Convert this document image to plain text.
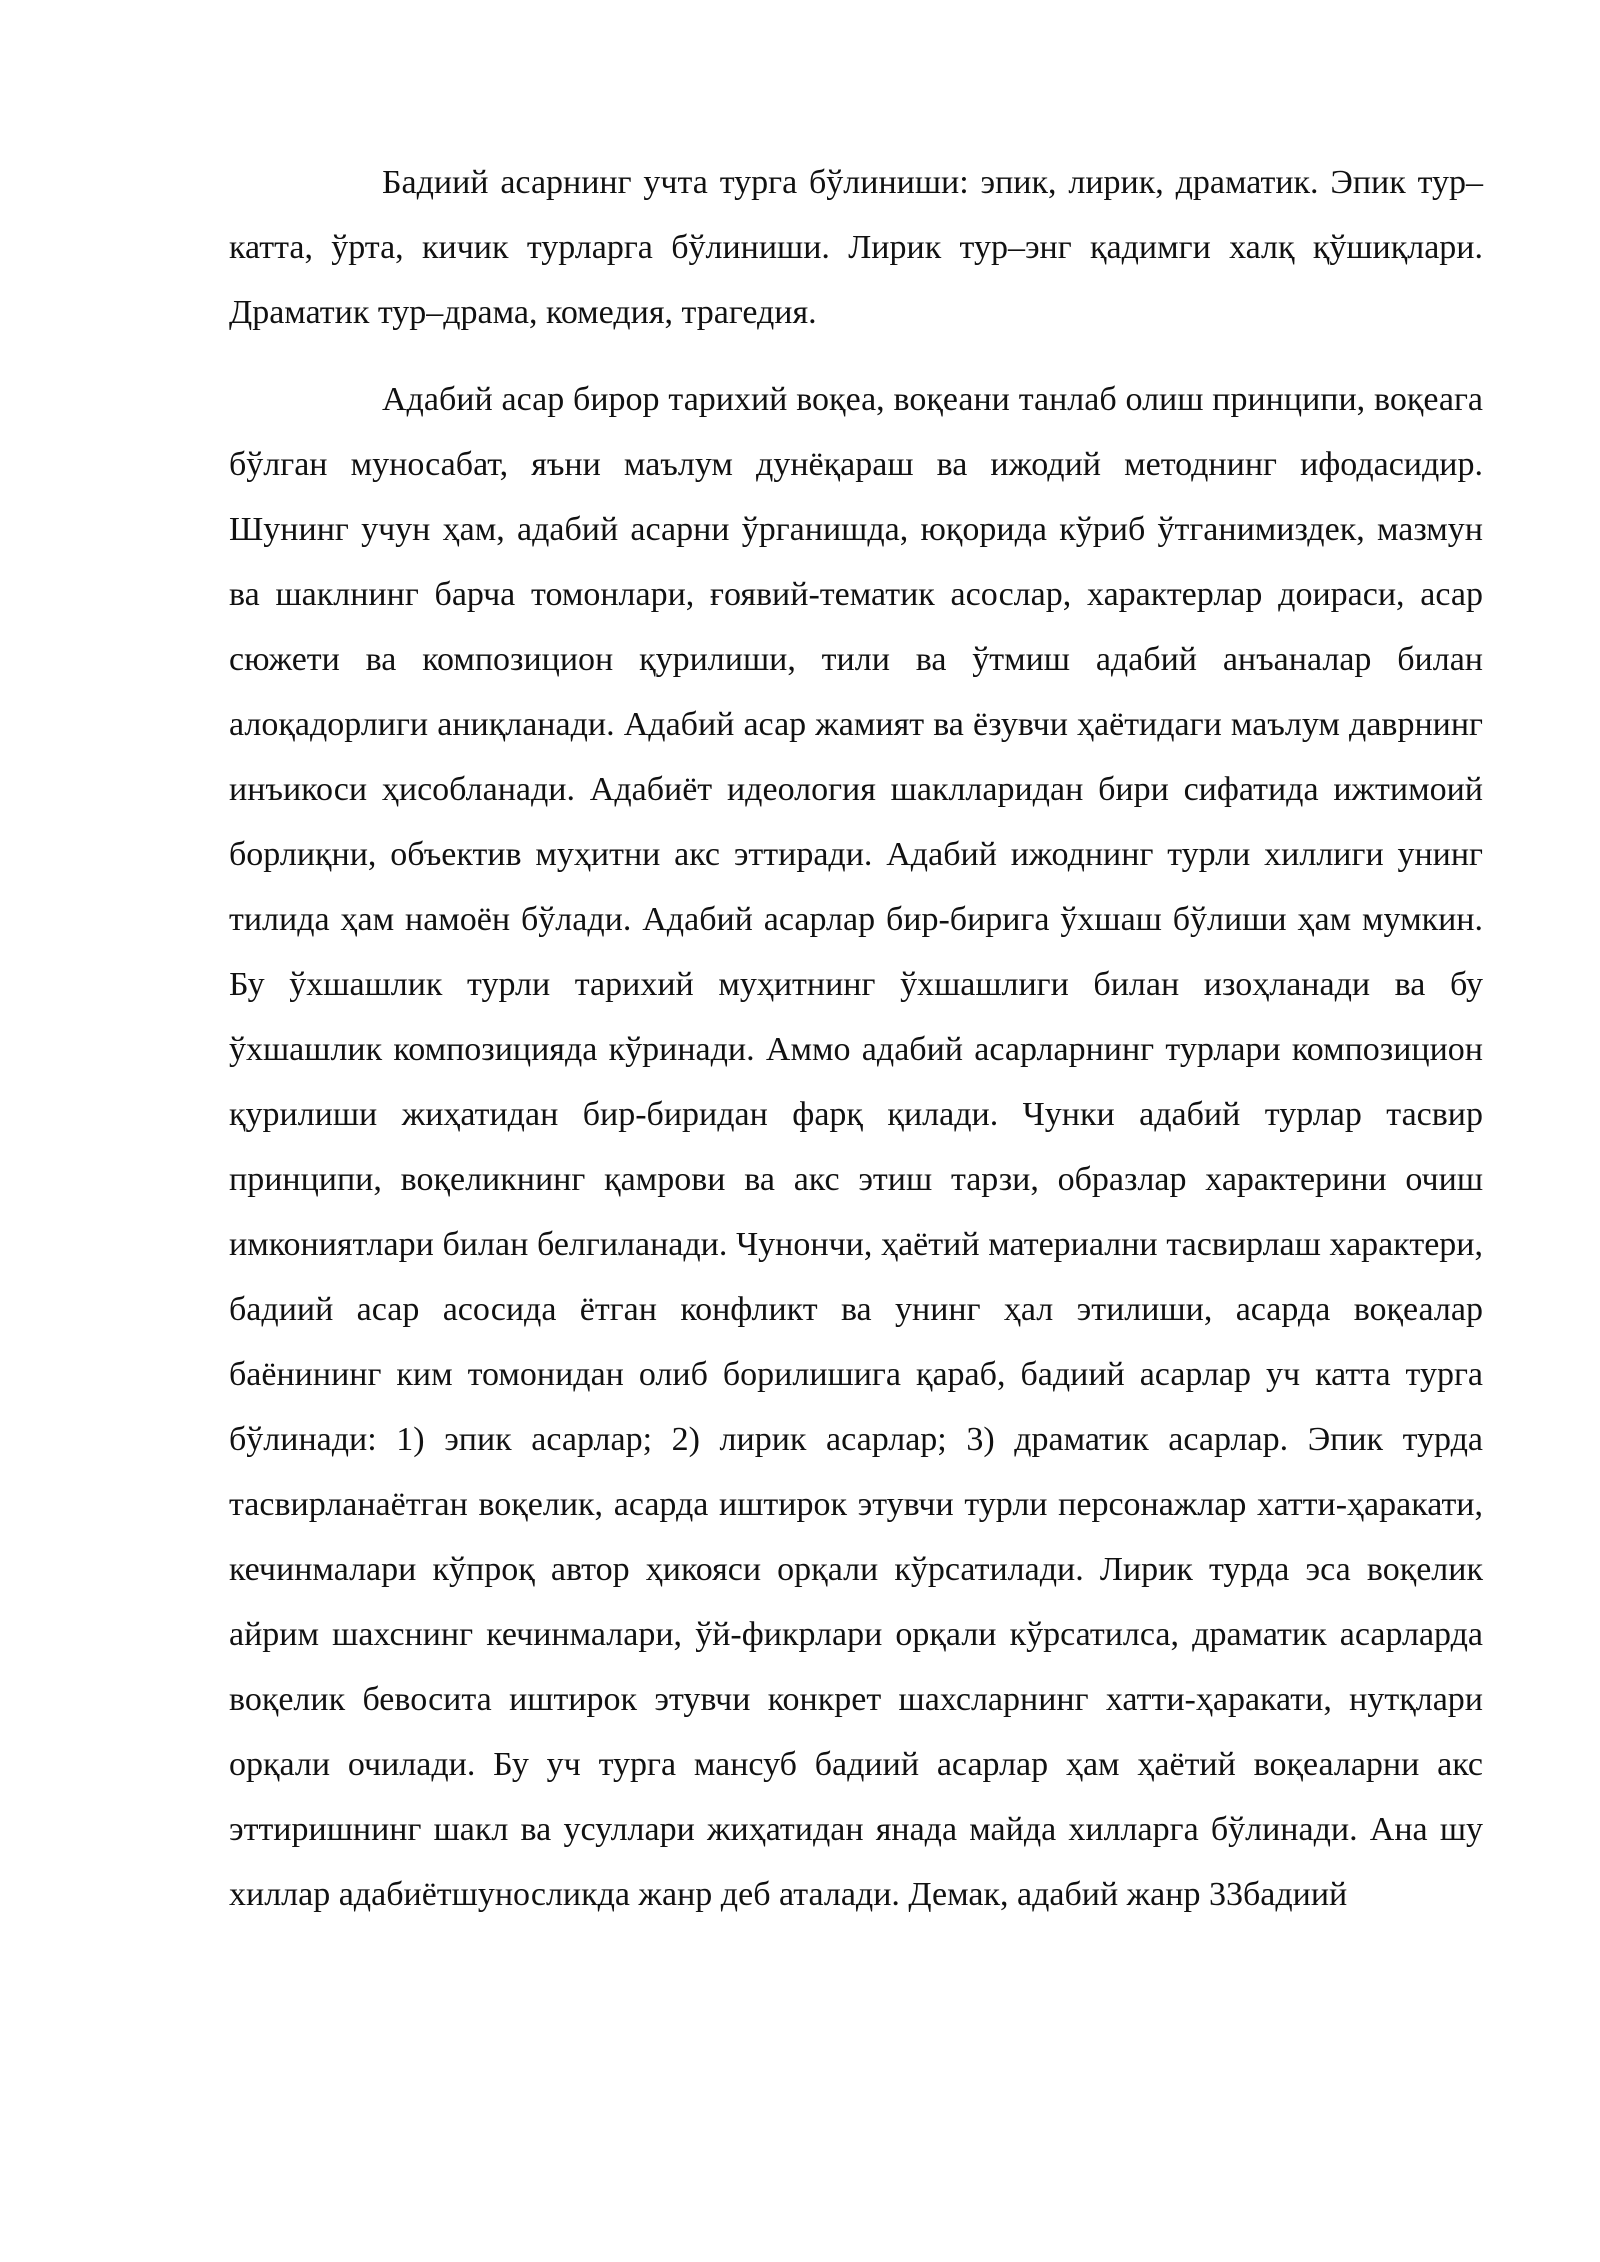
Бадиий асарнинг учта турга бўлиниши: эпик, лирик, драматик. Эпик тур–катта, ўрта, кичик турларга бўлиниши. Лирик тур–энг қадимги халқ қўшиқлари. Драматик тур–драма, комедия, трагедия.

Адабий асар бирор тарихий воқеа, воқеани танлаб олиш принципи, воқеага бўлган муносабат, яъни маълум дунёқараш ва ижодий методнинг ифодасидир. Шунинг учун ҳам, адабий асарни ўрганишда, юқорида кўриб ўтганимиздек, мазмун ва шаклнинг барча томонлари, ғоявий-тематик асослар, характерлар доираси, асар сюжети ва композицион қурилиши, тили ва ўтмиш адабий анъаналар билан алоқадорлиги аниқланади. Адабий асар жамият ва ёзувчи ҳаётидаги маълум даврнинг инъикоси ҳисобланади. Адабиёт идеология шаклларидан бири сифатида ижтимоий борлиқни, объектив муҳитни акс эттиради. Адабий ижоднинг турли хиллиги унинг тилида ҳам намоён бўлади. Адабий асарлар бир-бирига ўхшаш бўлиши ҳам мумкин. Бу ўхшашлик турли тарихий муҳитнинг ўхшашлиги билан изоҳланади ва бу ўхшашлик композицияда кўринади. Аммо адабий асарларнинг турлари композицион қурилиши жиҳатидан бир-биридан фарқ қилади. Чунки адабий турлар тасвир принципи, воқеликнинг қамрови ва акс этиш тарзи, образлар характерини очиш имкониятлари билан белгиланади. Чунончи, ҳаётий материални тасвирлаш характери, бадиий асар асосида ётган конфликт ва унинг ҳал этилиши, асарда воқеалар баёнининг ким томонидан олиб борилишига қараб, бадиий асарлар уч катта турга бўлинади: 1) эпик асарлар; 2) лирик асарлар; 3) драматик асарлар. Эпик турда тасвирланаётган воқелик, асарда иштирок этувчи турли персонажлар хатти-ҳаракати, кечинмалари кўпроқ автор ҳикояси орқали кўрсатилади. Лирик турда эса воқелик айрим шахснинг кечинмалари, ўй-фикрлари орқали кўрсатилса, драматик асарларда воқелик бевосита иштирок этувчи конкрет шахсларнинг хатти-ҳаракати, нутқлари орқали очилади. Бу уч турга мансуб бадиий асарлар ҳам ҳаётий воқеаларни акс эттиришнинг шакл ва усуллари жиҳатидан янада майда хилларга бўлинади. Ана шу хиллар адабиётшуносликда жанр деб аталади. Демак, адабий жанр 33бадиий
